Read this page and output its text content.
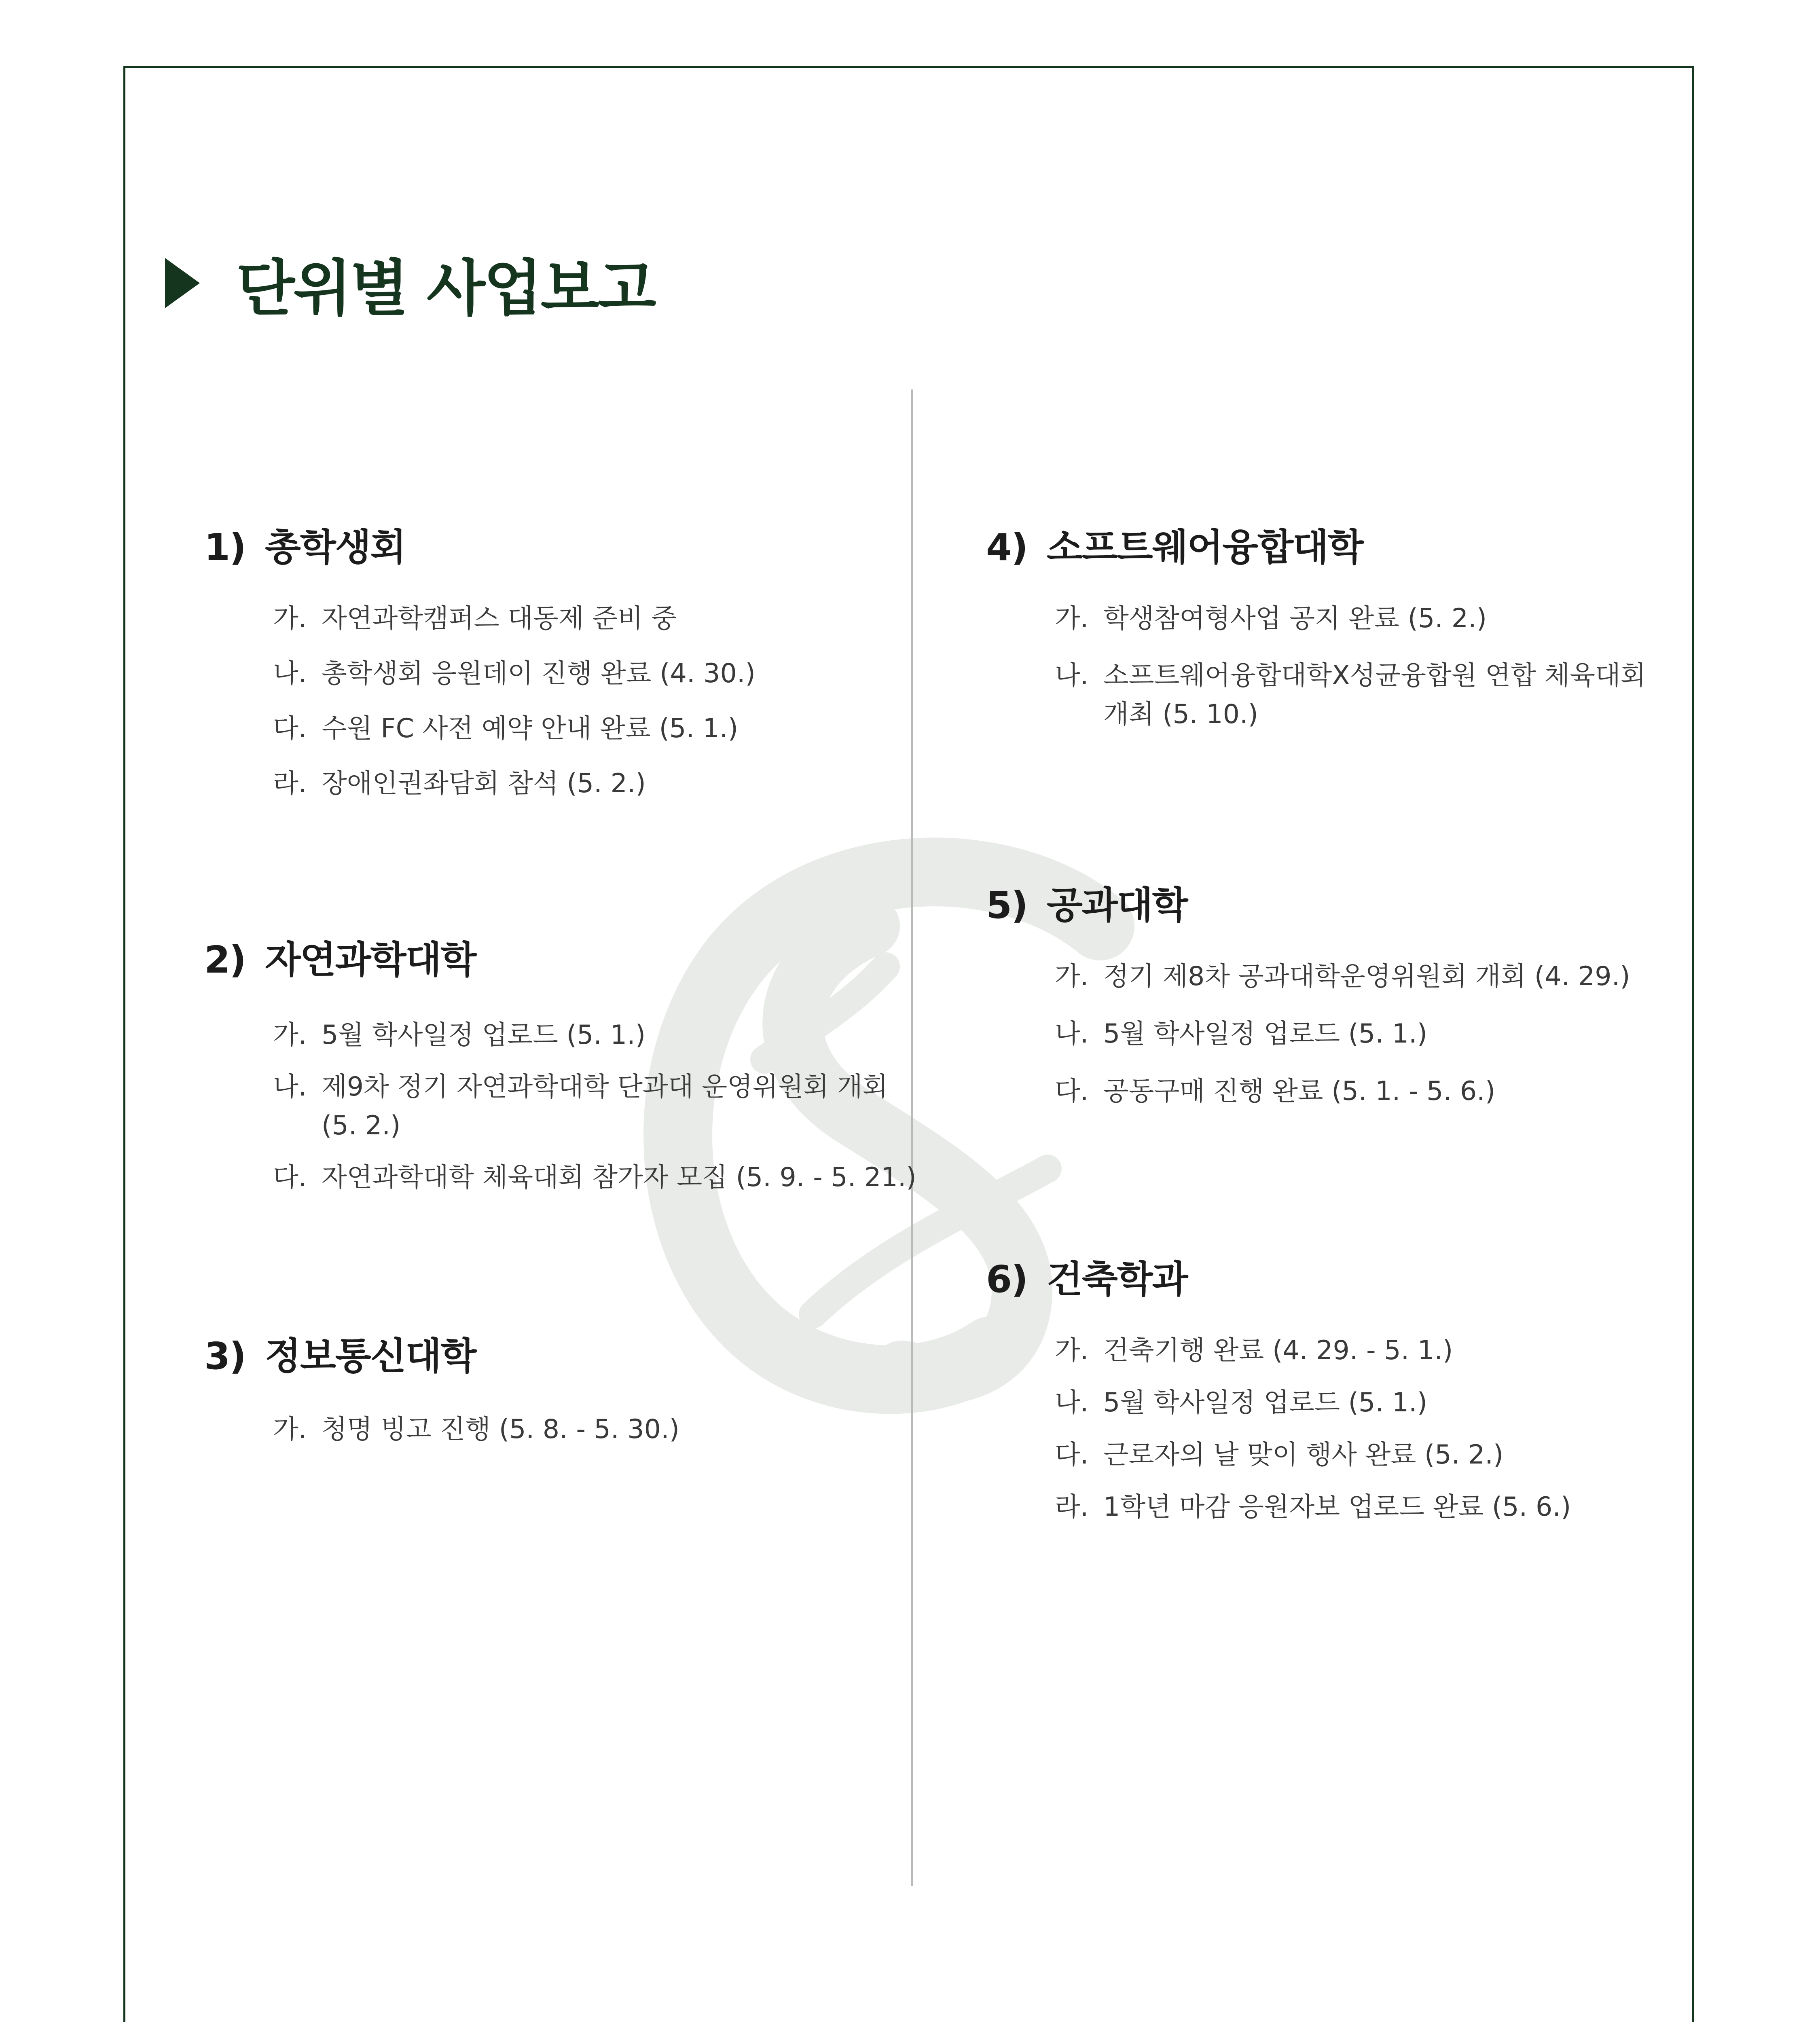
단위별 사업보고
1) 총학생회
가. 자연과학캠퍼스 대동제 준비 중
나. 총학생회 응원데이 진행 완료 (4. 30.)
다. 수원 FC 사전 예약 안내 완료 (5. 1.)
라. 장애인권좌담회 참석 (5. 2.)
2) 자연과학대학
가. 5월 학사일정 업로드 (5. 1.)
나. 제9차 정기 자연과학대학 단과대 운영위원회 개회
(5. 2.)
다. 자연과학대학 체육대회 참가자 모집 (5. 9. - 5. 21.)
3) 정보통신대학
가. 청명 빙고 진행 (5. 8. - 5. 30.)
4) 소프트웨어융합대학
가. 학생참여형사업 공지 완료 (5. 2.)
나. 소프트웨어융합대학X성균융합원 연합 체육대회
개최 (5. 10.)
5) 공과대학
가. 정기 제8차 공과대학운영위원회 개회 (4. 29.)
나. 5월 학사일정 업로드 (5. 1.)
다. 공동구매 진행 완료 (5. 1. - 5. 6.)
6) 건축학과
가. 건축기행 완료 (4. 29. - 5. 1.)
나. 5월 학사일정 업로드 (5. 1.)
다. 근로자의 날 맞이 행사 완료 (5. 2.)
라. 1학년 마감 응원자보 업로드 완료 (5. 6.)
